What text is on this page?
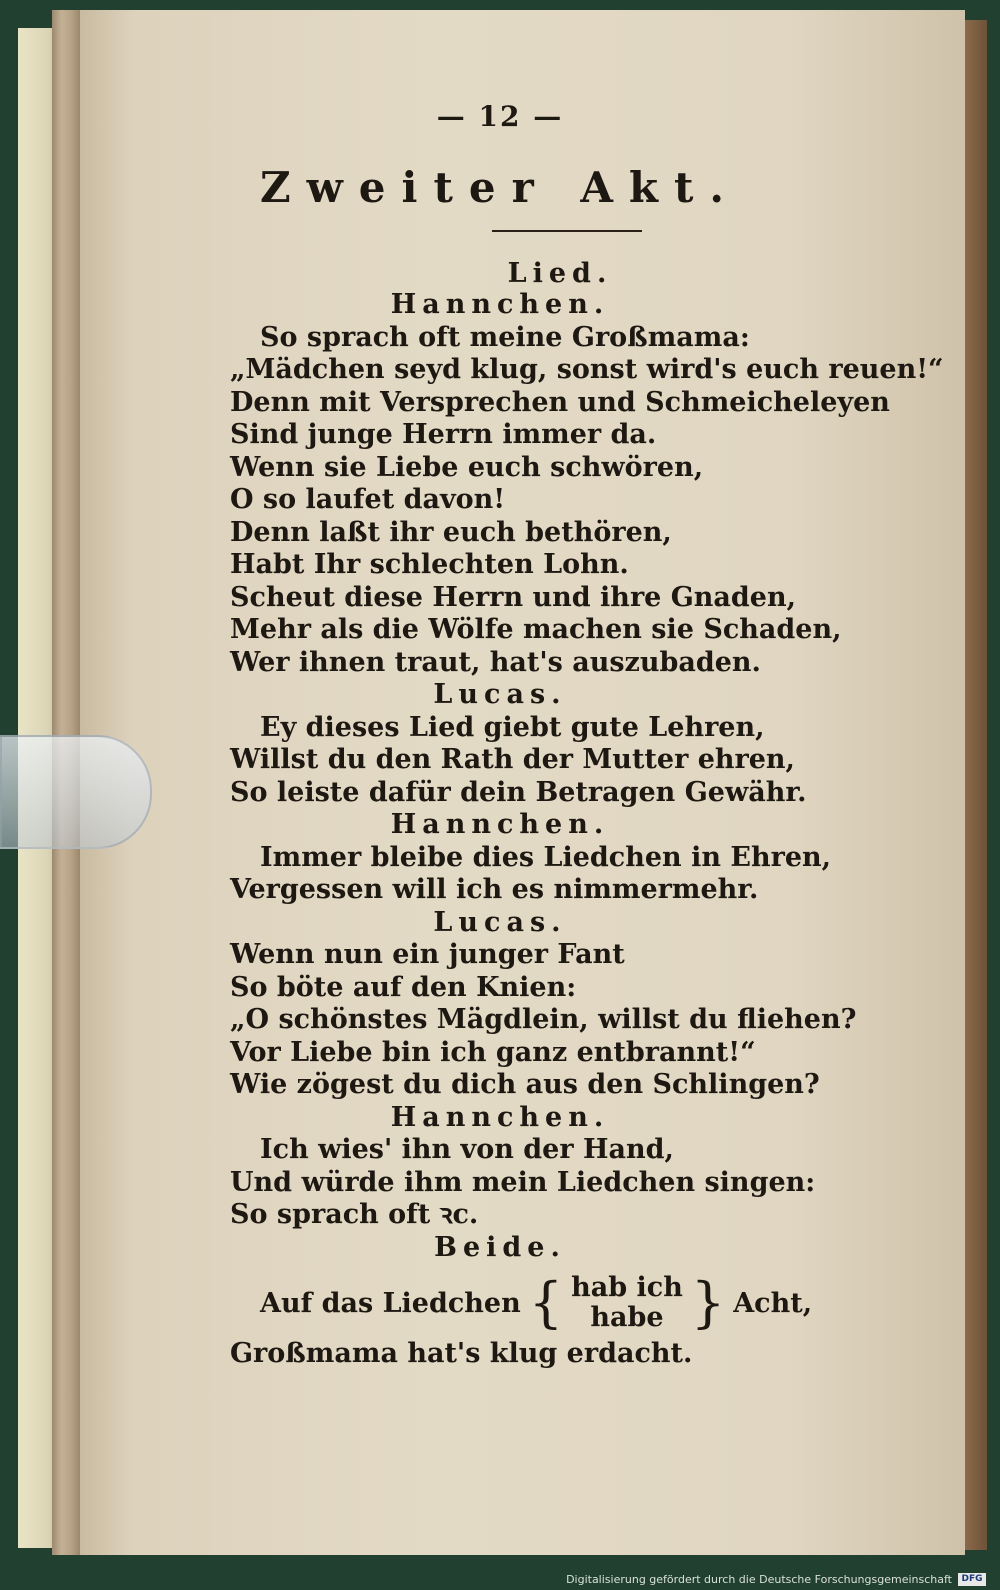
— 12 —
Zweiter Akt.
Lied.
Hannchen.
So sprach oft meine Großmama:
„Mädchen seyd klug, sonst wird's euch reuen!“
Denn mit Versprechen und Schmeicheleyen
Sind junge Herrn immer da.
Wenn sie Liebe euch schwören,
O so laufet davon!
Denn laßt ihr euch bethören,
Habt Ihr schlechten Lohn.
Scheut diese Herrn und ihre Gnaden,
Mehr als die Wölfe machen sie Schaden,
Wer ihnen traut, hat's auszubaden.
Lucas.
Ey dieses Lied giebt gute Lehren,
Willst du den Rath der Mutter ehren,
So leiste dafür dein Betragen Gewähr.
Hannchen.
Immer bleibe dies Liedchen in Ehren,
Vergessen will ich es nimmermehr.
Lucas.
Wenn nun ein junger Fant
So böte auf den Knien:
„O schönstes Mägdlein, willst du fliehen?
Vor Liebe bin ich ganz entbrannt!“
Wie zögest du dich aus den Schlingen?
Hannchen.
Ich wies' ihn von der Hand,
Und würde ihm mein Liedchen singen:
So sprach oft ꝛc.
Beide.
Auf das Liedchen { hab ich
habe } Acht,
Großmama hat's klug erdacht.
Digitalisierung gefördert durch die Deutsche Forschungsgemeinschaft	DFG
